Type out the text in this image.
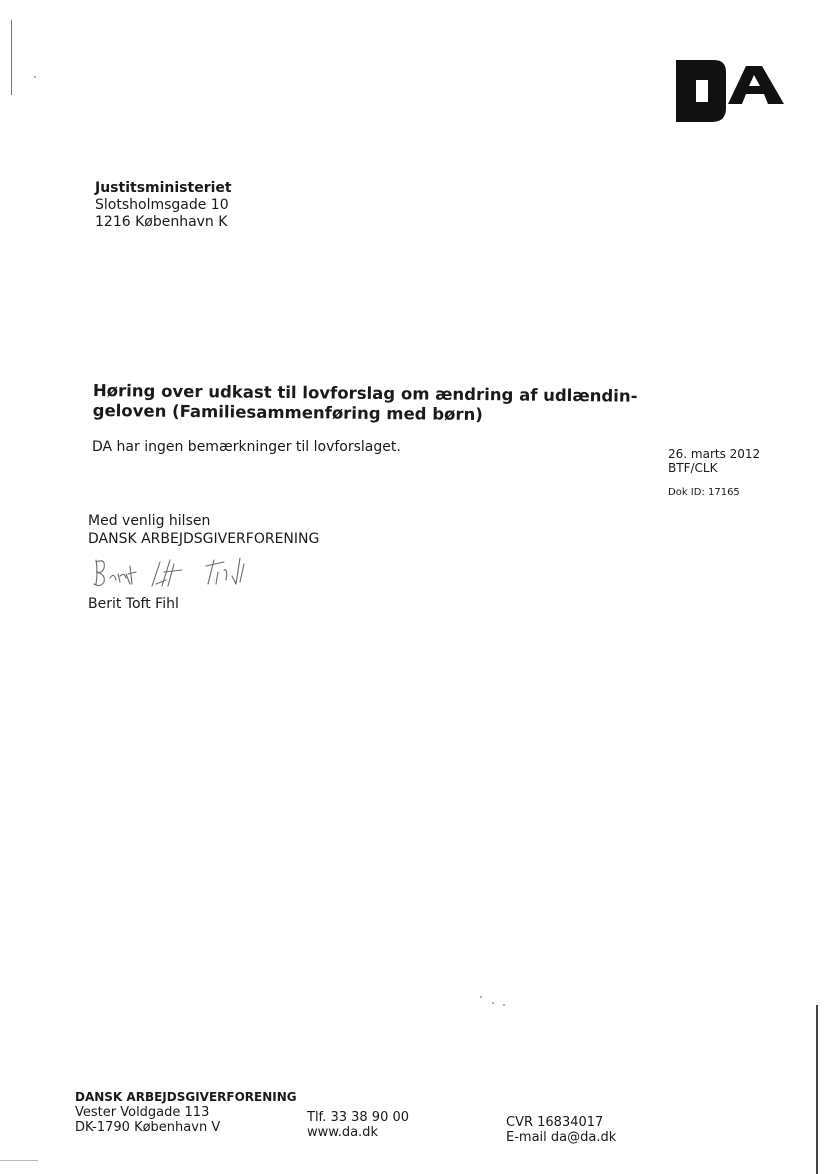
Justitsministeriet
Slotsholmsgade 10
1216 København K
Høring over udkast til lovforslag om ændring af udlændin-geloven (Familiesammenføring med børn)
DA har ingen bemærkninger til lovforslaget.	26. marts 2012
BTF/CLK
Dok ID: 17165
Med venlig hilsen
DANSK ARBEJDSGIVERFORENING
Berit Toft Fihl
DANSK ARBEJDSGIVERFORENING
Vester Voldgade 113
DK-1790 København V
Tlf. 33 38 90 00
www.da.dk
CVR 16834017
E-mail da@da.dk
